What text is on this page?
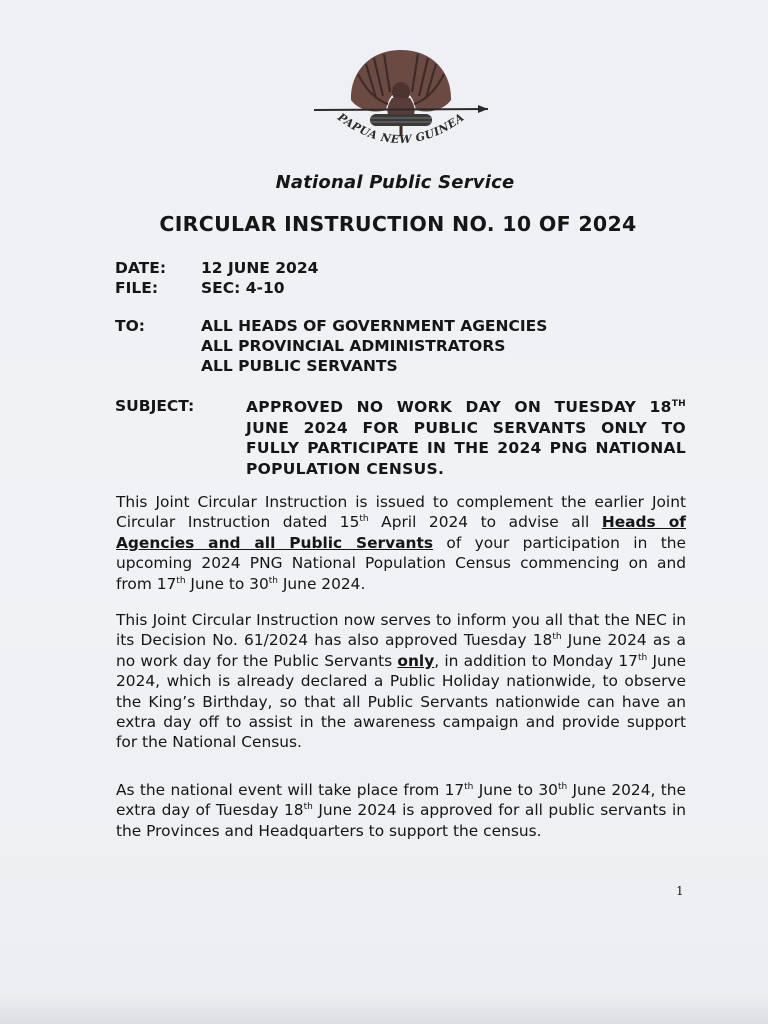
PAPUA NEW GUINEA
National Public Service
CIRCULAR INSTRUCTION NO. 10 OF 2024
DATE: 12 JUNE 2024
FILE:	SEC: 4-10
TO:	ALL HEADS OF GOVERNMENT AGENCIES
ALL PROVINCIAL ADMINISTRATORS
ALL PUBLIC SERVANTS
SUBJECT:	APPROVED NO WORK DAY ON TUESDAY 18TH JUNE 2024 FOR PUBLIC SERVANTS ONLY TO FULLY PARTICIPATE IN THE 2024 PNG NATIONAL POPULATION CENSUS.
This Joint Circular Instruction is issued to complement the earlier Joint Circular Instruction dated 15th April 2024 to advise all Heads of Agencies and all Public Servants of your participation in the upcoming 2024 PNG National Population Census commencing on and from 17th June to 30th June 2024.
This Joint Circular Instruction now serves to inform you all that the NEC in its Decision No. 61/2024 has also approved Tuesday 18th June 2024 as a no work day for the Public Servants only, in addition to Monday 17th June 2024, which is already declared a Public Holiday nationwide, to observe the King’s Birthday, so that all Public Servants nationwide can have an extra day off to assist in the awareness campaign and provide support for the National Census.
As the national event will take place from 17th June to 30th June 2024, the extra day of Tuesday 18th June 2024 is approved for all public servants in the Provinces and Headquarters to support the census.
1
